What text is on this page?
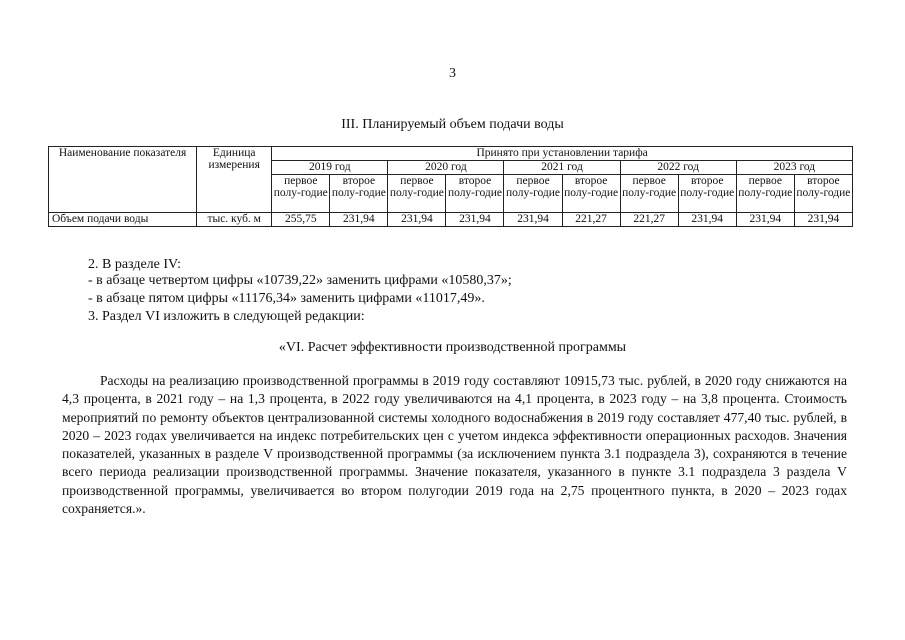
3
III. Планируемый объем подачи воды
Наименование показателя	Единица измерения	Принято при установлении тарифа									
		2019 год		2020 год		2021 год		2022 год		2023 год	
		первое полу-годие	второе полу-годие	первое полу-годие	второе полу-годие	первое полу-годие	второе полу-годие	первое полу-годие	второе полу-годие	первое полу-годие	второе полу-годие
Объем подачи воды	тыс. куб. м	255,75	231,94	231,94	231,94	231,94	221,27	221,27	231,94	231,94	231,94
2. В разделе IV:
- в абзаце четвертом цифры «10739,22» заменить цифрами «10580,37»;
- в абзаце пятом цифры «11176,34» заменить цифрами «11017,49».
3. Раздел VI изложить в следующей редакции:
«VI. Расчет эффективности производственной программы

Расходы на реализацию производственной программы в 2019 году составляют 10915,73 тыс. рублей, в 2020 году снижаются на 4,3 процента, в 2021 году – на 1,3 процента, в 2022 году увеличиваются на 4,1 процента, в 2023 году – на 3,8 процента. Стоимость мероприятий по ремонту объектов централизованной системы холодного водоснабжения в 2019 году составляет 477,40 тыс. рублей, в 2020 – 2023 годах увеличивается на индекс потребительских цен с учетом индекса эффективности операционных расходов. Значения показателей, указанных в разделе V производственной программы (за исключением пункта 3.1 подраздела 3), сохраняются в течение всего периода реализации производственной программы. Значение показателя, указанного в пункте 3.1 подраздела 3 раздела V производственной программы, увеличивается во втором полугодии 2019 года на 2,75 процентного пункта, в 2020 – 2023 годах сохраняется.».
